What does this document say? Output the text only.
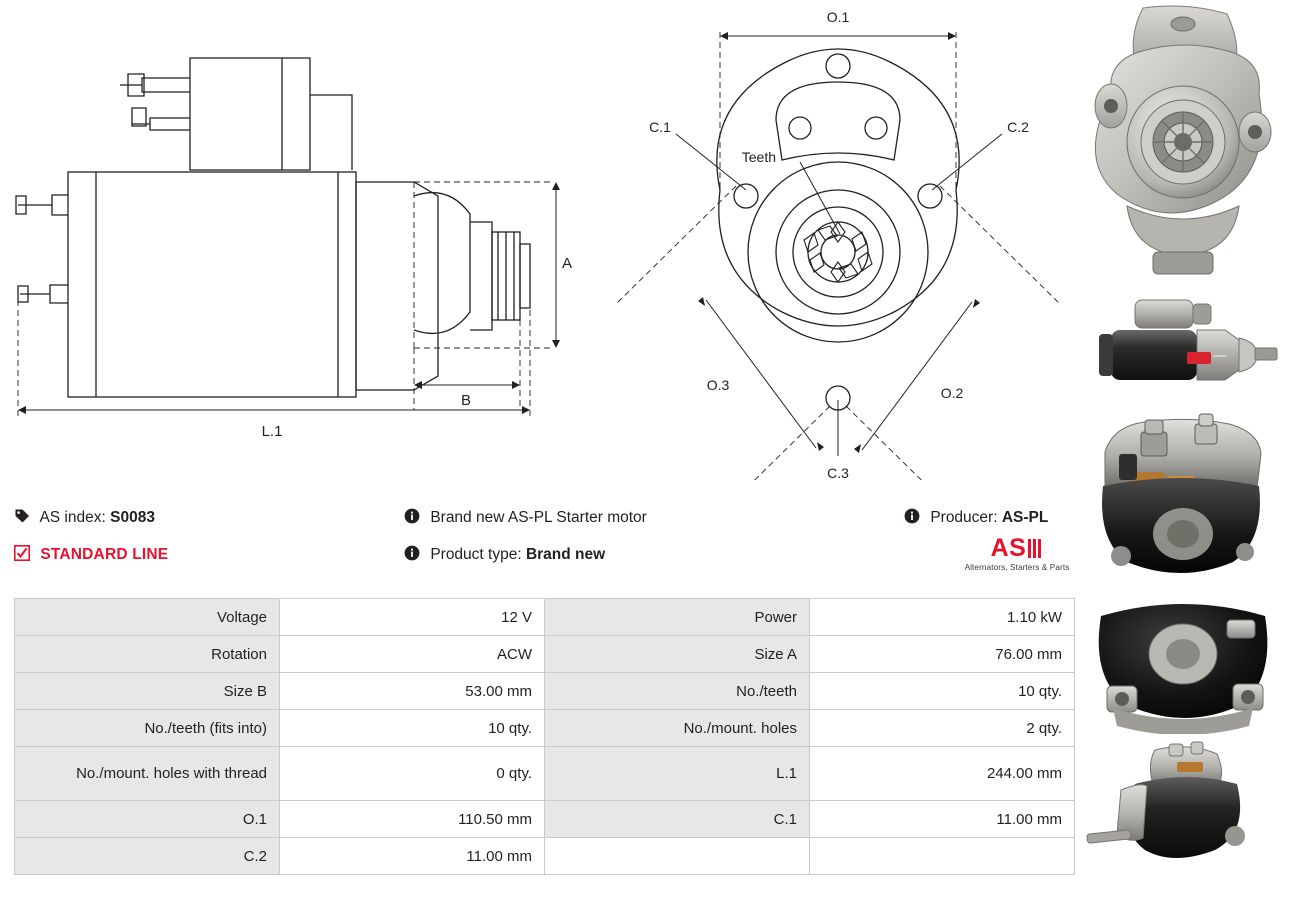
A
B
L.1
O.1
O.2
O.3
C.1	C.2
C.3
Teeth
AS index: S0083	Brand new AS-PL Starter motor	Producer: AS-PL
STANDARD LINE	Product type: Brand new	AS
Alternators, Starters & Parts
Voltage	12 V	Power	1.10 kW
Rotation	ACW	Size A	76.00 mm
Size B	53.00 mm	No./teeth	10 qty.
No./teeth (fits into)	10 qty.	No./mount. holes	2 qty.
No./mount. holes with thread	0 qty.	L.1	244.00 mm
O.1	110.50 mm	C.1	11.00 mm
C.2	11.00 mm		
